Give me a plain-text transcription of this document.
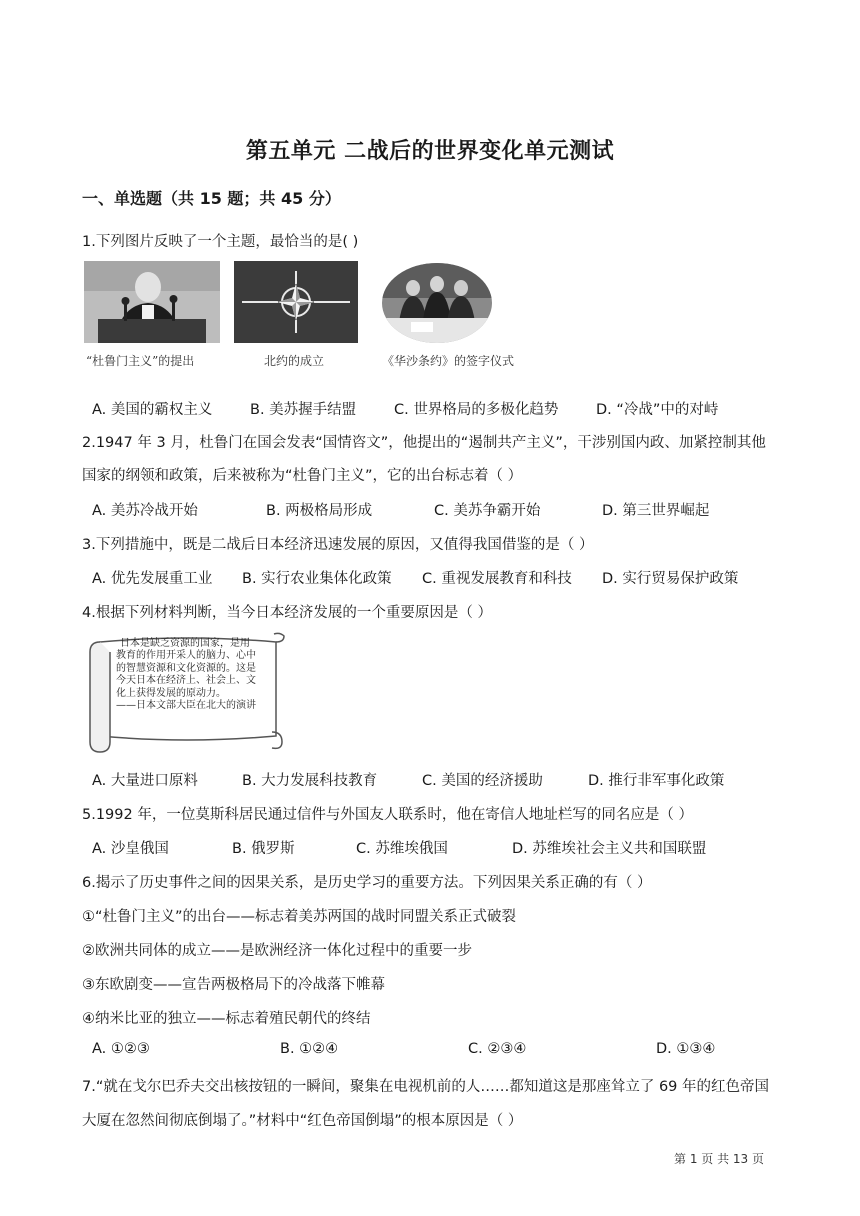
第五单元 二战后的世界变化单元测试
一、单选题（共 15 题；共 45 分）
1.下列图片反映了一个主题，最恰当的是( )
“杜鲁门主义”的提出	北约的成立	《华沙条约》的签字仪式
A. 美国的霸权主义	B. 美苏握手结盟	C. 世界格局的多极化趋势	D. “冷战”中的对峙
2.1947 年 3 月，杜鲁门在国会发表“国情咨文”，他提出的“遏制共产主义”，干涉别国内政、加紧控制其他
国家的纲领和政策，后来被称为“杜鲁门主义”，它的出台标志着（ ）
A. 美苏冷战开始	B. 两极格局形成	C. 美苏争霸开始	D. 第三世界崛起
3.下列措施中，既是二战后日本经济迅速发展的原因，又值得我国借鉴的是（ ）
A. 优先发展重工业 B. 实行农业集体化政策 C. 重视发展教育和科技 D. 实行贸易保护政策
4.根据下列材料判断，当今日本经济发展的一个重要原因是（ ）
日本是缺乏资源的国家，是用
教育的作用开采人的脑力、心中
的智慧资源和文化资源的。这是
今天日本在经济上、社会上、文
化上获得发展的原动力。
——日本文部大臣在北大的演讲
A. 大量进口原料	B. 大力发展科技教育	C. 美国的经济援助	D. 推行非军事化政策
5.1992 年，一位莫斯科居民通过信件与外国友人联系时，他在寄信人地址栏写的同名应是（ ）
A. 沙皇俄国	B. 俄罗斯	C. 苏维埃俄国	D. 苏维埃社会主义共和国联盟
6.揭示了历史事件之间的因果关系，是历史学习的重要方法。下列因果关系正确的有（ ）
①“杜鲁门主义”的出台——标志着美苏两国的战时同盟关系正式破裂
②欧洲共同体的成立——是欧洲经济一体化过程中的重要一步
③东欧剧变——宣告两极格局下的冷战落下帷幕
④纳米比亚的独立——标志着殖民朝代的终结
A. ①②③	B. ①②④	C. ②③④	D. ①③④
7.“就在戈尔巴乔夫交出核按钮的一瞬间，聚集在电视机前的人……都知道这是那座耸立了 69 年的红色帝国
大厦在忽然间彻底倒塌了。”材料中“红色帝国倒塌”的根本原因是（ ）
第 1 页 共 13 页
